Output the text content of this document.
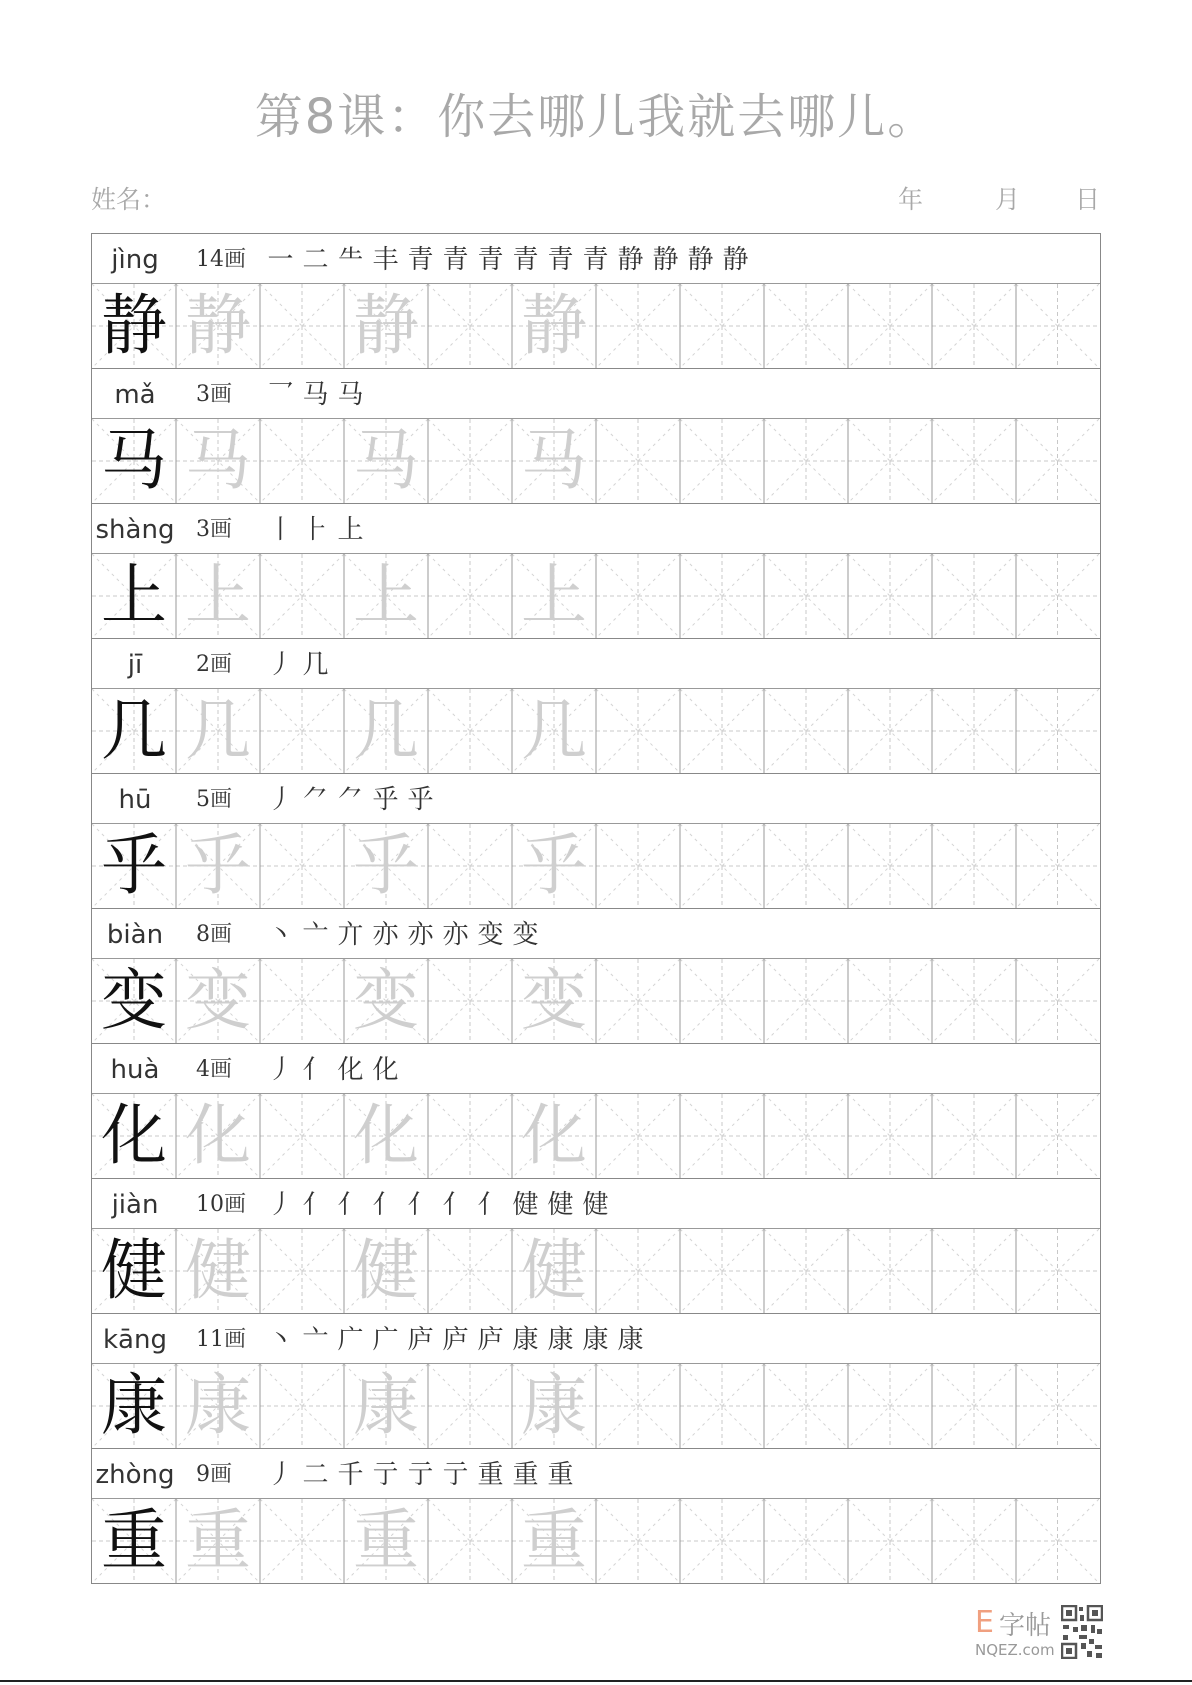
第8课：你去哪儿我就去哪儿。
姓名：	年	月 日
jìng	14画 一 二 ⺧ 丰 青 青 青 青 青 青 静 静 静 静
静 静 静 静
mǎ	3画 乛 马 马
马 马 马 马
shàng 3画 丨 ⺊ 上
上 上 上 上
jī	2画 丿 几
几 几 几 几
hū	5画 丿 ⺈ ⺈ 乎 乎
乎 乎 乎 乎
biàn	8画 丶 亠 亣 亦 亦 亦 变 变
变 变 变 变
huà	4画 丿 亻 化 化
化 化 化 化
jiàn	10画 丿 亻 亻 亻 亻 亻 亻 健 健 健
健 健 健 健
kāng	11画 丶 亠 广 广 庐 庐 庐 康 康 康 康
康 康 康 康
zhòng 9画 丿 二 千 亍 亍 亍 重 重 重
重 重 重 重
E 字帖
NQEZ.com
